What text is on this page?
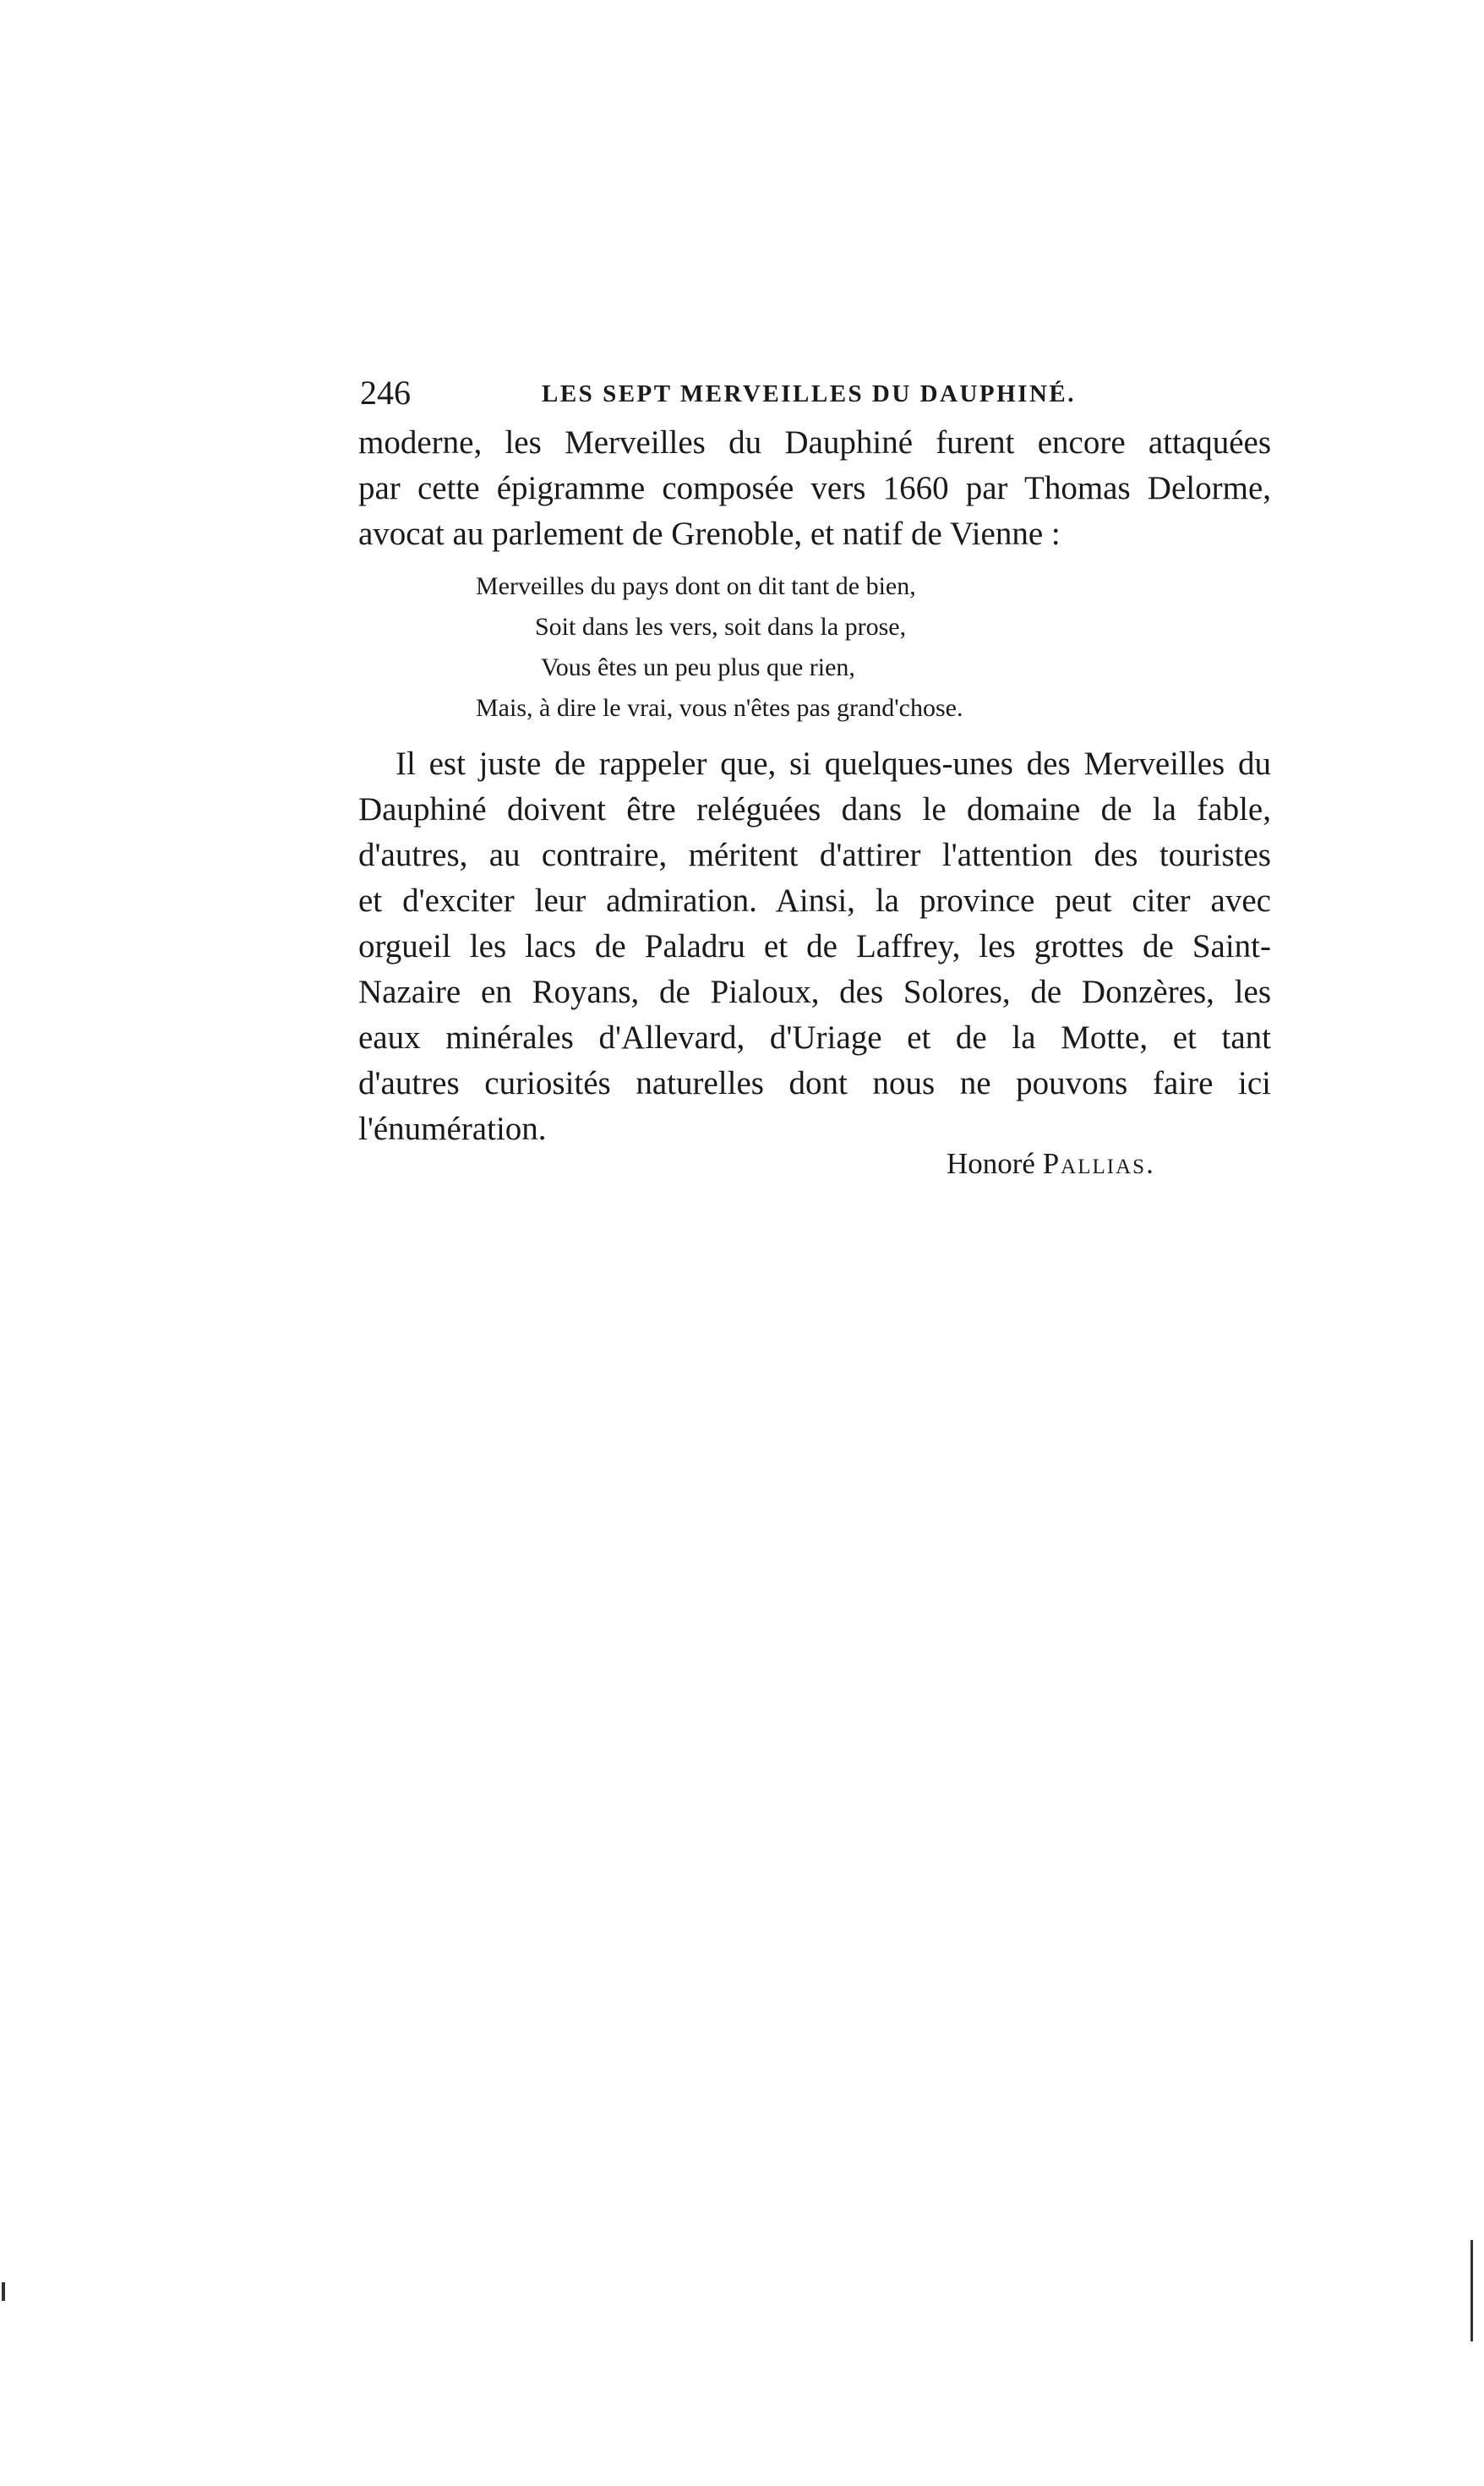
246	LES SEPT MERVEILLES DU DAUPHINÉ.
moderne, les Merveilles du Dauphiné furent encore attaquées
par cette épigramme composée vers 1660 par Thomas Delorme,
avocat au parlement de Grenoble, et natif de Vienne :
Merveilles du pays dont on dit tant de bien,
Soit dans les vers, soit dans la prose,
Vous êtes un peu plus que rien,
Mais, à dire le vrai, vous n'êtes pas grand'chose.
Il est juste de rappeler que, si quelques-unes des Merveilles du
Dauphiné doivent être reléguées dans le domaine de la fable,
d'autres, au contraire, méritent d'attirer l'attention des touristes
et d'exciter leur admiration. Ainsi, la province peut citer avec
orgueil les lacs de Paladru et de Laffrey, les grottes de Saint-
Nazaire en Royans, de Pialoux, des Solores, de Donzères, les
eaux minérales d'Allevard, d'Uriage et de la Motte, et tant
d'autres curiosités naturelles dont nous ne pouvons faire ici
l'énumération.
Honoré Pallias.
